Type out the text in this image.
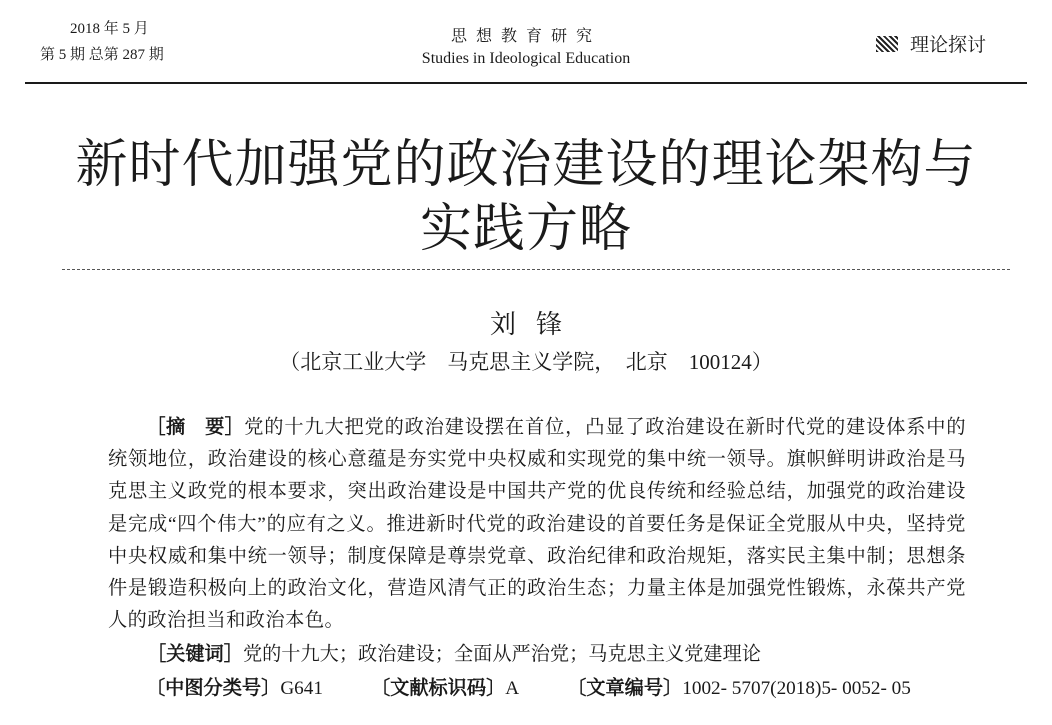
2018 年 5 月
第 5 期 总第 287 期
思想教育研究
Studies in Ideological Education
理论探讨
新时代加强党的政治建设的理论架构与
实践方略
刘锋
（北京工业大学　马克思主义学院，　北京　100124）
［摘　要］党的十九大把党的政治建设摆在首位，凸显了政治建设在新时代党的建设体系中的统领地位，政治建设的核心意蕴是夯实党中央权威和实现党的集中统一领导。旗帜鲜明讲政治是马克思主义政党的根本要求，突出政治建设是中国共产党的优良传统和经验总结，加强党的政治建设是完成“四个伟大”的应有之义。推进新时代党的政治建设的首要任务是保证全党服从中央，坚持党中央权威和集中统一领导；制度保障是尊崇党章、政治纪律和政治规矩，落实民主集中制；思想条件是锻造积极向上的政治文化，营造风清气正的政治生态；力量主体是加强党性锻炼，永葆共产党人的政治担当和政治本色。
［关键词］党的十九大；政治建设；全面从严治党；马克思主义党建理论
〔中图分类号〕G641	〔文献标识码〕A	〔文章编号〕1002- 5707(2018)5- 0052- 05
